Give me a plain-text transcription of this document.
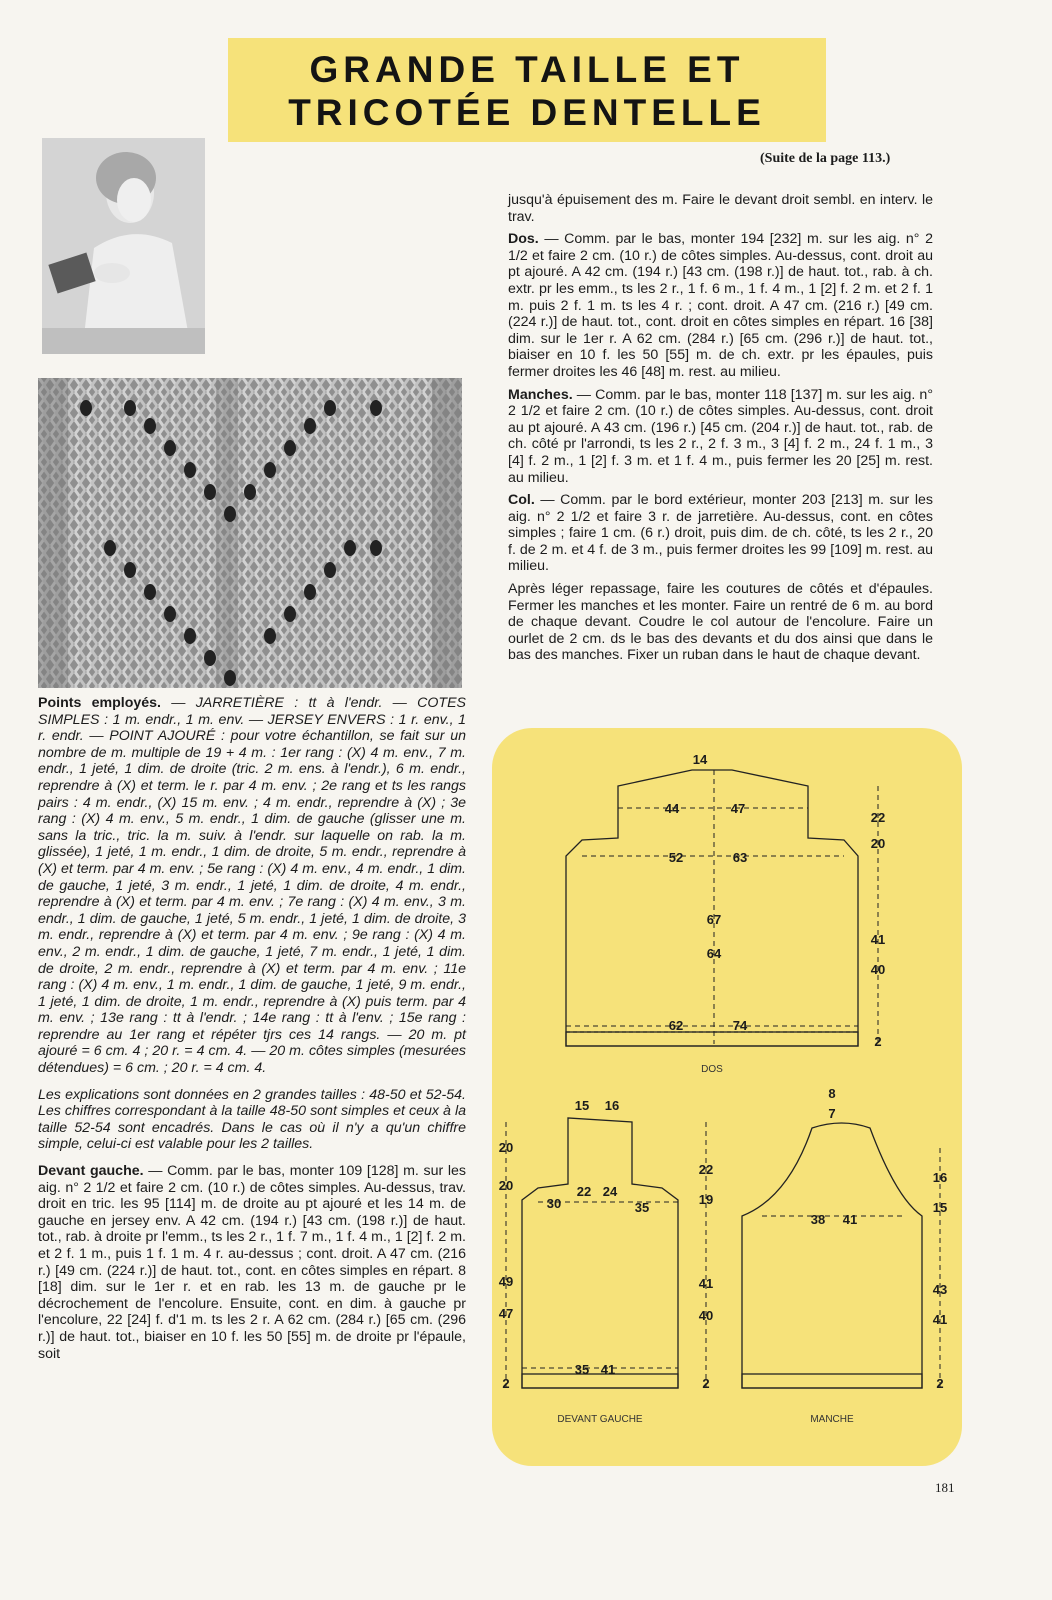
GRANDE TAILLE ET
TRICOTÉE DENTELLE
(Suite de la page 113.)

Points employés. — JARRETIÈRE : tt à l'endr. — COTES SIMPLES : 1 m. endr., 1 m. env. — JERSEY ENVERS : 1 r. env., 1 r. endr. — POINT AJOURÉ : pour votre échantillon, se fait sur un nombre de m. multiple de 19 + 4 m. : 1er rang : (X) 4 m. env., 7 m. endr., 1 jeté, 1 dim. de droite (tric. 2 m. ens. à l'endr.), 6 m. endr., reprendre à (X) et term. le r. par 4 m. env. ; 2e rang et ts les rangs pairs : 4 m. endr., (X) 15 m. env. ; 4 m. endr., reprendre à (X) ; 3e rang : (X) 4 m. env., 5 m. endr., 1 dim. de gauche (glisser une m. sans la tric., tric. la m. suiv. à l'endr. sur laquelle on rab. la m. glissée), 1 jeté, 1 m. endr., 1 dim. de droite, 5 m. endr., reprendre à (X) et term. par 4 m. env. ; 5e rang : (X) 4 m. env., 4 m. endr., 1 dim. de gauche, 1 jeté, 3 m. endr., 1 jeté, 1 dim. de droite, 4 m. endr., reprendre à (X) et term. par 4 m. env. ; 7e rang : (X) 4 m. env., 3 m. endr., 1 dim. de gauche, 1 jeté, 5 m. endr., 1 jeté, 1 dim. de droite, 3 m. endr., reprendre à (X) et term. par 4 m. env. ; 9e rang : (X) 4 m. env., 2 m. endr., 1 dim. de gauche, 1 jeté, 7 m. endr., 1 jeté, 1 dim. de droite, 2 m. endr., reprendre à (X) et term. par 4 m. env. ; 11e rang : (X) 4 m. env., 1 m. endr., 1 dim. de gauche, 1 jeté, 9 m. endr., 1 jeté, 1 dim. de droite, 1 m. endr., reprendre à (X) puis term. par 4 m. env. ; 13e rang : tt à l'endr. ; 14e rang : tt à l'env. ; 15e rang : reprendre au 1er rang et répéter tjrs ces 14 rangs. — 20 m. pt ajouré = 6 cm. 4 ; 20 r. = 4 cm. 4. — 20 m. côtes simples (mesurées détendues) = 6 cm. ; 20 r. = 4 cm. 4.

Les explications sont données en 2 grandes tailles : 48-50 et 52-54. Les chiffres correspondant à la taille 48-50 sont simples et ceux à la taille 52-54 sont encadrés. Dans le cas où il n'y a qu'un chiffre simple, celui-ci est valable pour les 2 tailles.

Devant gauche. — Comm. par le bas, monter 109 [128] m. sur les aig. n° 2 1/2 et faire 2 cm. (10 r.) de côtes simples. Au-dessus, trav. droit en tric. les 95 [114] m. de droite au pt ajouré et les 14 m. de gauche en jersey env. A 42 cm. (194 r.) [43 cm. (198 r.)] de haut. tot., rab. à droite pr l'emm., ts les 2 r., 1 f. 7 m., 1 f. 4 m., 1 [2] f. 2 m. et 2 f. 1 m., puis 1 f. 1 m. 4 r. au-dessus ; cont. droit. A 47 cm. (216 r.) [49 cm. (224 r.)] de haut. tot., cont. en côtes simples en répart. 8 [18] dim. sur le 1er r. et en rab. les 13 m. de gauche pr le décrochement de l'encolure. Ensuite, cont. en dim. à gauche pr l'encolure, 22 [24] f. d'1 m. ts les 2 r. A 62 cm. (284 r.) [65 cm. (296 r.)] de haut. tot., biaiser en 10 f. les 50 [55] m. de droite pr l'épaule, soit

jusqu'à épuisement des m. Faire le devant droit sembl. en interv. le trav.

Dos. — Comm. par le bas, monter 194 [232] m. sur les aig. n° 2 1/2 et faire 2 cm. (10 r.) de côtes simples. Au-dessus, cont. droit au pt ajouré. A 42 cm. (194 r.) [43 cm. (198 r.)] de haut. tot., rab. à ch. extr. pr les emm., ts les 2 r., 1 f. 6 m., 1 f. 4 m., 1 [2] f. 2 m. et 2 f. 1 m. puis 2 f. 1 m. ts les 4 r. ; cont. droit. A 47 cm. (216 r.) [49 cm. (224 r.)] de haut. tot., cont. droit en côtes simples en répart. 16 [38] dim. sur le 1er r. A 62 cm. (284 r.) [65 cm. (296 r.)] de haut. tot., biaiser en 10 f. les 50 [55] m. de ch. extr. pr les épaules, puis fermer droites les 46 [48] m. rest. au milieu.

Manches. — Comm. par le bas, monter 118 [137] m. sur les aig. n° 2 1/2 et faire 2 cm. (10 r.) de côtes simples. Au-dessus, cont. droit au pt ajouré. A 43 cm. (196 r.) [45 cm. (204 r.)] de haut. tot., rab. de ch. côté pr l'arrondi, ts les 2 r., 2 f. 3 m., 3 [4] f. 2 m., 24 f. 1 m., 3 [4] f. 2 m., 1 [2] f. 3 m. et 1 f. 4 m., puis fermer les 20 [25] m. rest. au milieu.

Col. — Comm. par le bord extérieur, monter 203 [213] m. sur les aig. n° 2 1/2 et faire 3 r. de jarretière. Au-dessus, cont. en côtes simples ; faire 1 cm. (6 r.) droit, puis dim. de ch. côté, ts les 2 r., 20 f. de 2 m. et 4 f. de 3 m., puis fermer droites les 99 [109] m. rest. au milieu.

Après léger repassage, faire les coutures de côtés et d'épaules. Fermer les manches et les monter. Faire un rentré de 6 m. au bord de chaque devant. Coudre le col autour de l'encolure. Faire un ourlet de 2 cm. ds le bas des devants et du dos ainsi que dans le bas des manches. Fixer un ruban dans le haut de chaque devant.

14
44	47
52	63
62	74
64
67
20
22
40
41
2
15 16
20
20
30
22 24
35
47
49
19
22
40
41
35 41
2	2
8
7
38 41
15
16
41
43
2
DOS
DEVANT GAUCHE	MANCHE
181
